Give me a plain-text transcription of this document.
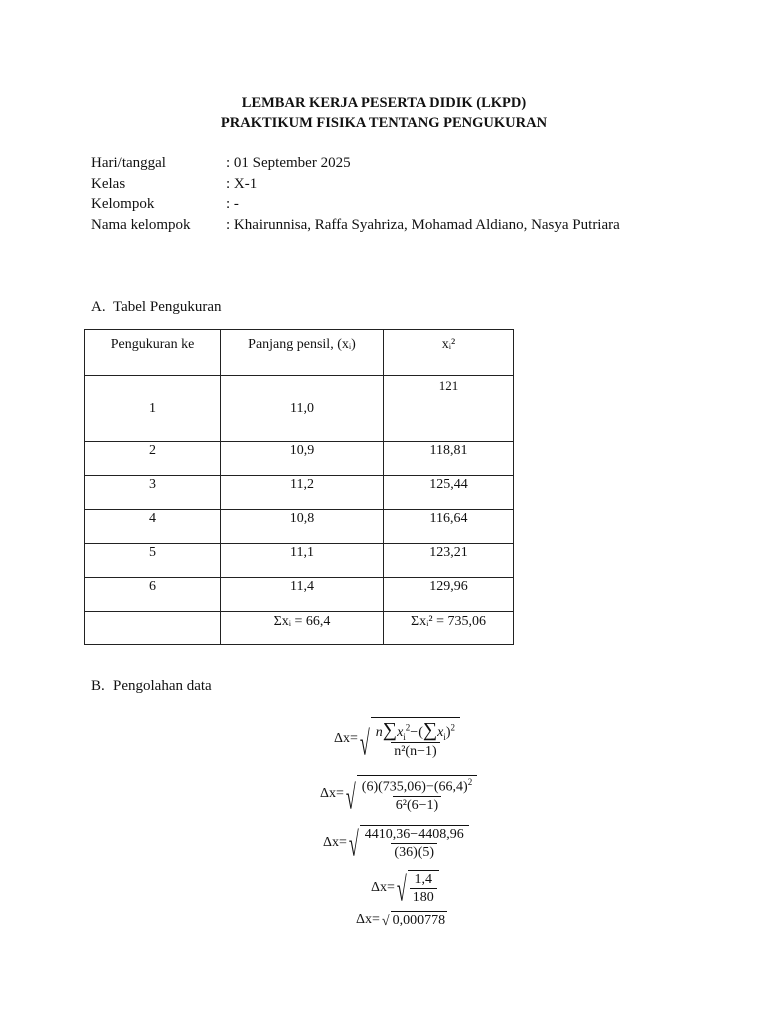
LEMBAR KERJA PESERTA DIDIK (LKPD)
PRAKTIKUM FISIKA TENTANG PENGUKURAN
Hari/tanggal	: 01 September 2025
Kelas	: X-1
Kelompok	: -
Nama kelompok	: Khairunnisa, Raffa Syahriza, Mohamad Aldiano, Nasya Putriara
A. Tabel Pengukuran
Pengukuran ke	Panjang pensil, (xᵢ)	xᵢ²
1	11,0	121
2	10,9	118,81
3	11,2	125,44
4	10,8	116,64
5	11,1	123,21
6	11,4	129,96
	Σxᵢ = 66,4	Σxᵢ² = 735,06
B. Pengolahan data
Δx= √ $\frac{n\sum x_i^2-(\sum x_i)^2}{\text{n²(n−1)}}$
Δx= √ $\frac{(6)(735,06)-(66,4)^2}{\text{6²(6−1)}}$
Δx= √ $\frac{4410,36-4408,96}{(36)(5)}$
Δx= √ $\frac{1,4}{180}$
Δx= √ 0,000778
